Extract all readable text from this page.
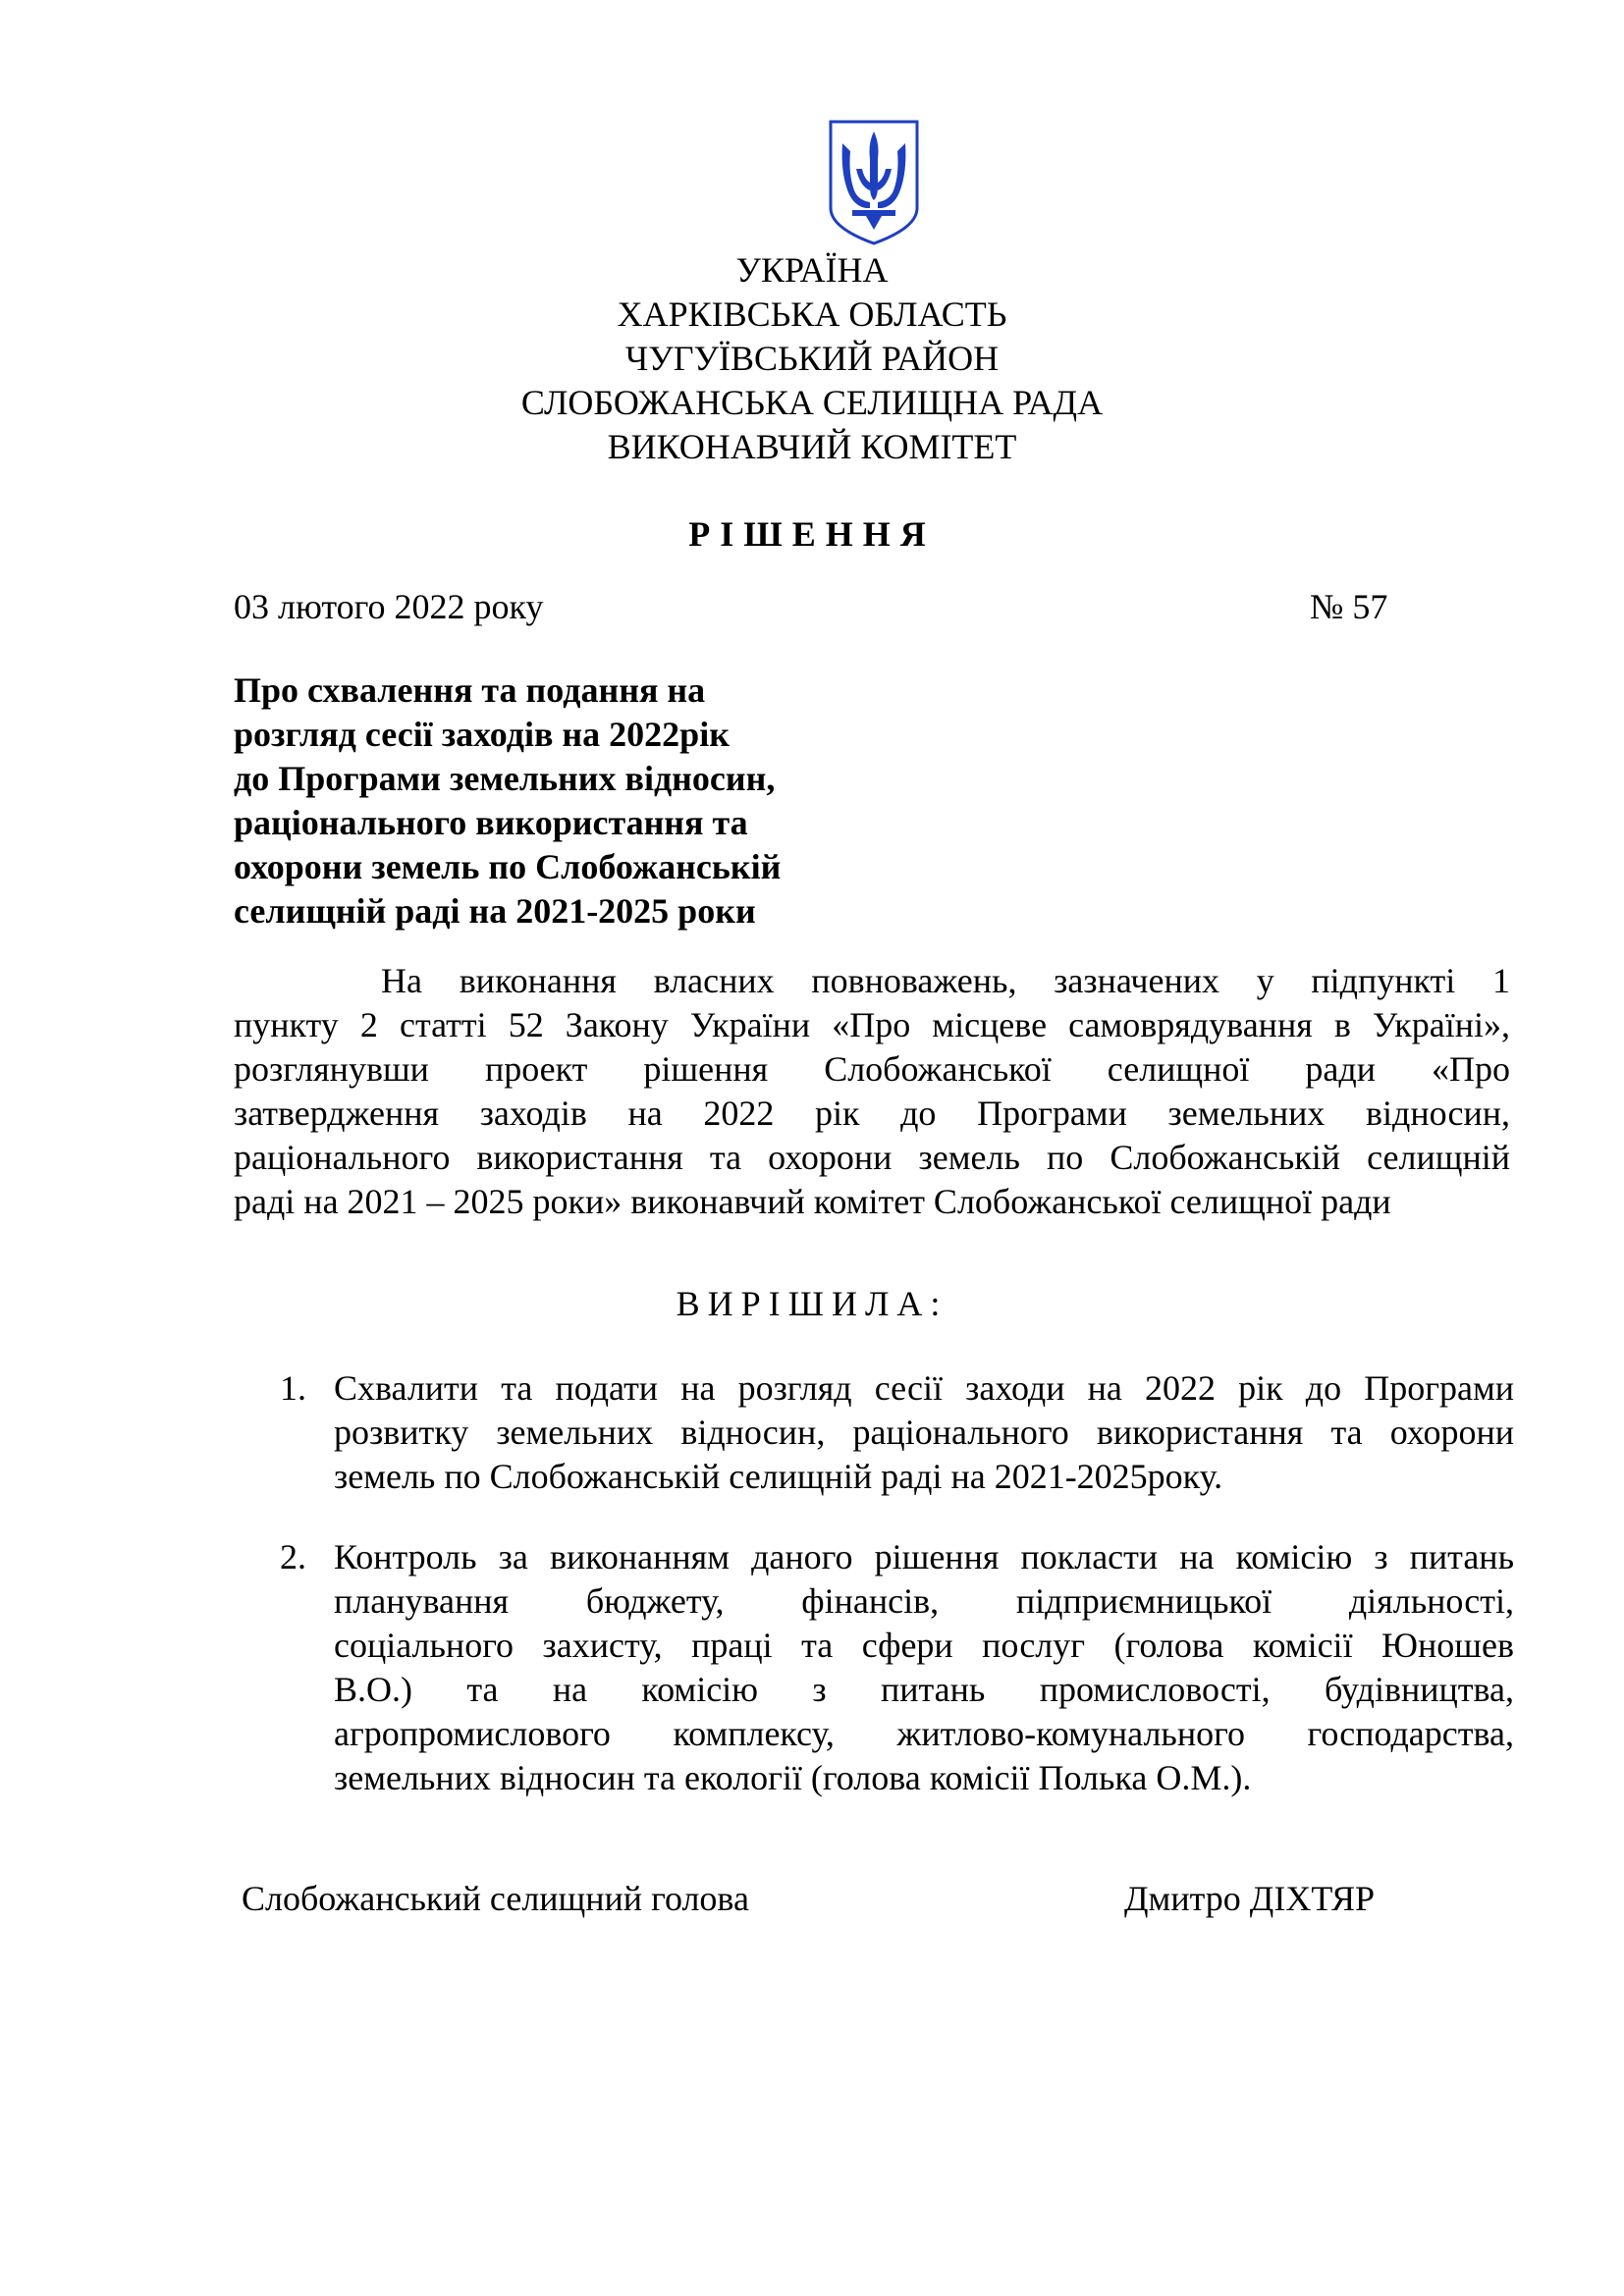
УКРАЇНА
ХАРКІВСЬКА ОБЛАСТЬ
ЧУГУЇВСЬКИЙ РАЙОН
СЛОБОЖАНСЬКА СЕЛИЩНА РАДА
ВИКОНАВЧИЙ КОМІТЕТ
РІШЕННЯ
03 лютого 2022 року	№ 57
Про схвалення та подання на
розгляд сесії заходів на 2022рік
до Програми земельних відносин,
раціонального використання та
охорони земель по Слобожанській
селищній раді на 2021-2025 роки
На виконання власних повноважень, зазначених у підпункті 1
пункту 2 статті 52 Закону України «Про місцеве самоврядування в Україні»,
розглянувши проект рішення Слобожанської селищної ради «Про
затвердження заходів на 2022 рік до Програми земельних відносин,
раціонального використання та охорони земель по Слобожанській селищній
раді на 2021 – 2025 роки» виконавчий комітет Слобожанської селищної ради
ВИРІШИЛА:
1. Схвалити та подати на розгляд сесії заходи на 2022 рік до Програми
розвитку земельних відносин, раціонального використання та охорони
земель по Слобожанській селищній раді на 2021-2025року.
2. Контроль за виконанням даного рішення покласти на комісію з питань
планування бюджету, фінансів, підприємницької діяльності,
соціального захисту, праці та сфери послуг (голова комісії Юношев
В.О.) та на комісію з питань промисловості, будівництва,
агропромислового комплексу, житлово-комунального господарства,
земельних відносин та екології (голова комісії Полька О.М.).
Слобожанський селищний голова	Дмитро ДІХТЯР
